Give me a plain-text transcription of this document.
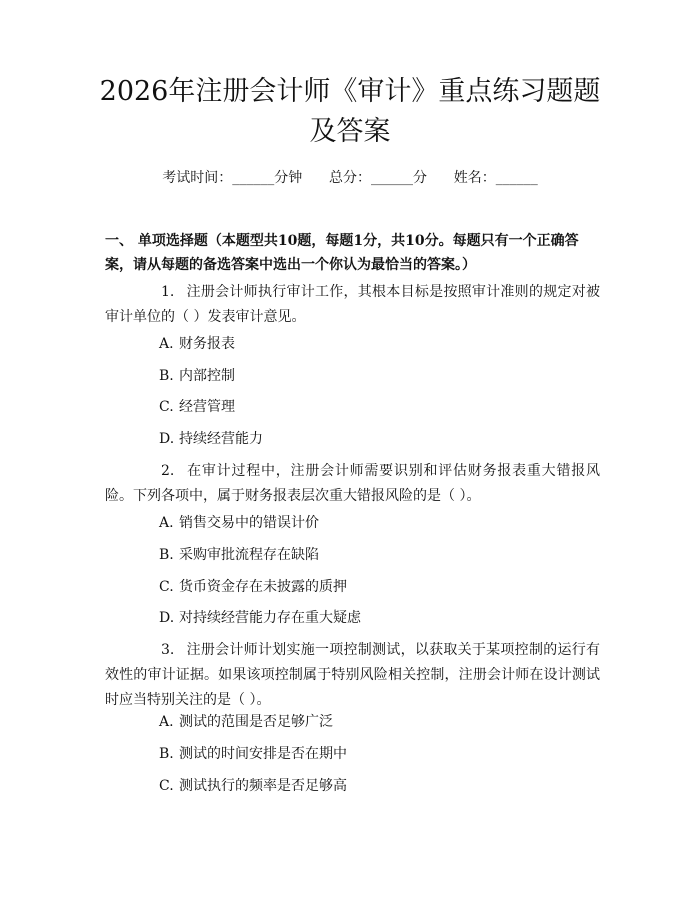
2026年注册会计师《审计》重点练习题题及答案
考试时间：______分钟      总分：______分      姓名：______
一、 单项选择题（本题型共10题，每题1分，共10分。每题只有一个正确答案，请从每题的备选答案中选出一个你认为最恰当的答案。）
1. 注册会计师执行审计工作，其根本目标是按照审计准则的规定对被审计单位的（ ）发表审计意见。
A. 财务报表
B. 内部控制
C. 经营管理
D. 持续经营能力
2. 在审计过程中，注册会计师需要识别和评估财务报表重大错报风险。下列各项中，属于财务报表层次重大错报风险的是（ ）。
A. 销售交易中的错误计价
B. 采购审批流程存在缺陷
C. 货币资金存在未披露的质押
D. 对持续经营能力存在重大疑虑
3. 注册会计师计划实施一项控制测试，以获取关于某项控制的运行有效性的审计证据。如果该项控制属于特别风险相关控制，注册会计师在设计测试时应当特别关注的是（ ）。
A. 测试的范围是否足够广泛
B. 测试的时间安排是否在期中
C. 测试执行的频率是否足够高
